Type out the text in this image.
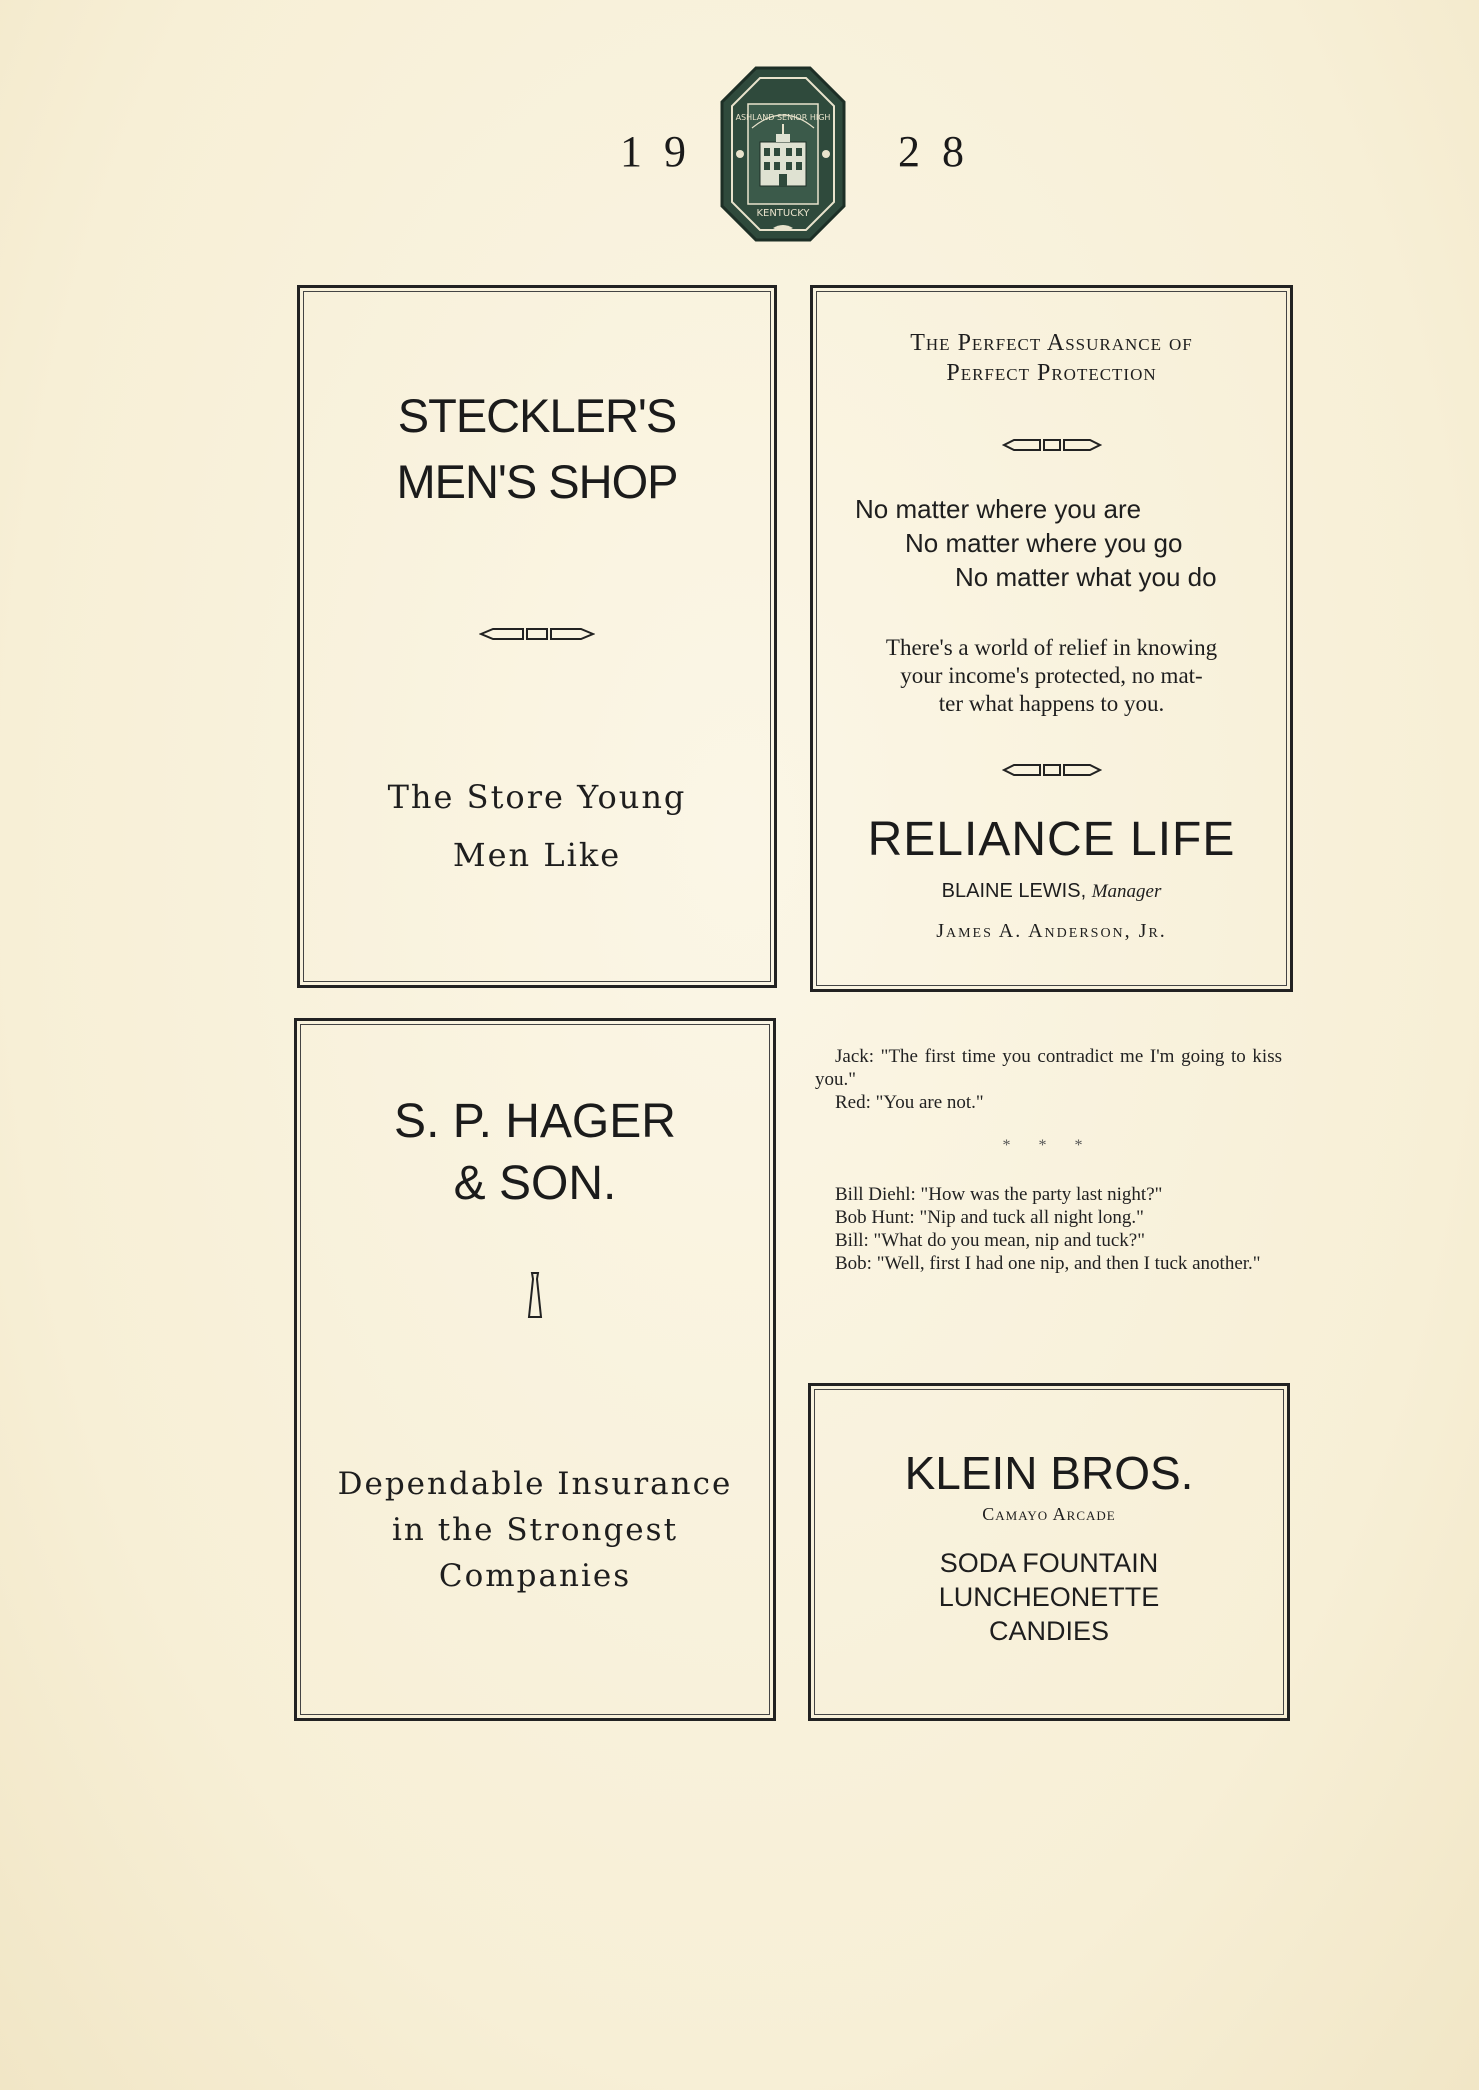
19	28
ASHLAND SENIOR HIGH
KENTUCKY
STECKLER'S
MEN'S SHOP
The Store Young
Men Like
The Perfect Assurance of
Perfect Protection
No matter where you are
No matter where you go
No matter what you do
There's a world of relief in knowing
your income's protected, no mat-
ter what happens to you.
RELIANCE LIFE
BLAINE LEWIS, Manager
James A. Anderson, Jr.
S. P. HAGER
& SON.
Dependable Insurance
in the Strongest
Companies

Jack: "The first time you contradict me I'm going to kiss you."

Red: "You are not."

* * *

Bill Diehl: "How was the party last night?"

Bob Hunt: "Nip and tuck all night long."

Bill: "What do you mean, nip and tuck?"

Bob: "Well, first I had one nip, and then I tuck another."

KLEIN BROS.
Camayo Arcade
SODA FOUNTAIN
LUNCHEONETTE
CANDIES
